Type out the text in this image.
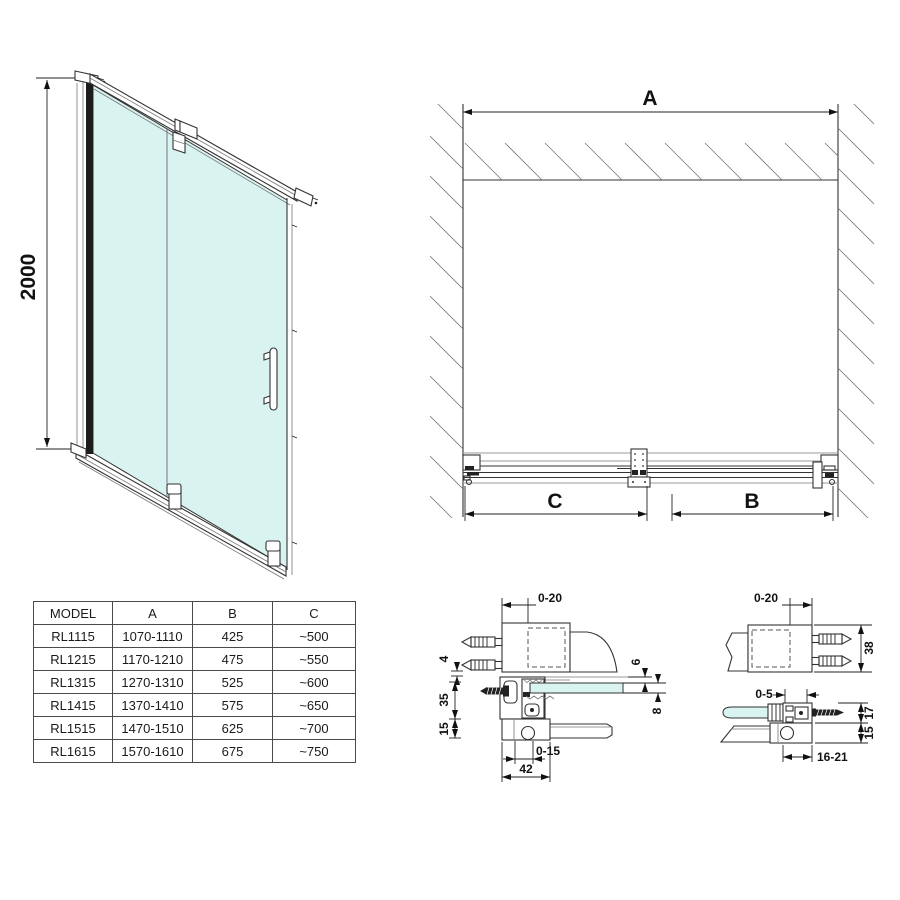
2000
A
C	B
0-20
4
35
15
6
8
0-15
42
0-20
38
0-5
17
15
16-21
MODEL	A	B	C
RL1115	1070-1110	425	~500
RL1215	1170-1210	475	~550
RL1315	1270-1310	525	~600
RL1415	1370-1410	575	~650
RL1515	1470-1510	625	~700
RL1615	1570-1610	675	~750
